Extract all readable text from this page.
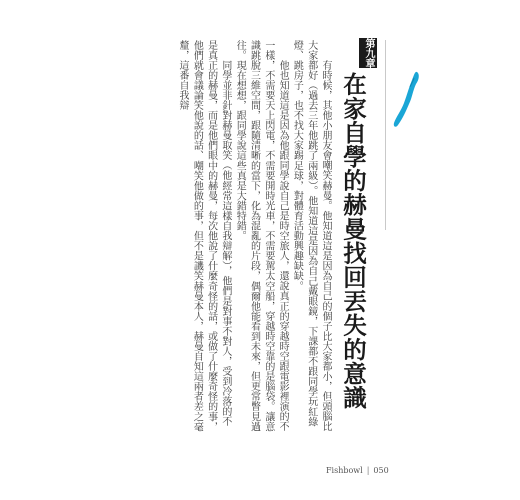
第九章
在家自學的赫曼找回丟失的意識

有時候，其他小朋友會嘲笑赫曼。他知道這是因為自己的個子比大家都小，但頭腦比大家都好（過去三年他跳了兩級）。他知道這是因為自己戴眼鏡，下課都不跟同學玩紅綠燈、跳房子，也不找大家踢足球，對體育活動興趣缺缺。

他也知道這是因為他跟同學說自己是時空旅人，還說真正的穿越時空跟電影裡演的不一樣，不需要天上閃電，不需要開時光車，不需要駕太空船，穿越時空靠的是腦袋。讓意識跳脫三維空間，跟隨清晰的當下，化為混亂的片段，偶爾他能看到未來，但更常瞥見過往。現在想想，跟同學說這些真是大錯特錯。

同學並非針對赫曼取笑（他經常這樣自我辯解），他們是對事不對人，受到冷落的不是真正的赫曼，而是他們眼中的赫曼，每次他說了什麼奇怪的話，或做了什麼奇怪的事，他們就會議論笑他說的話、嘲笑他做的事，但不是譏笑赫曼本人，赫曼自知這兩者差之毫釐，這番自我辯

Fishbowl | 050
